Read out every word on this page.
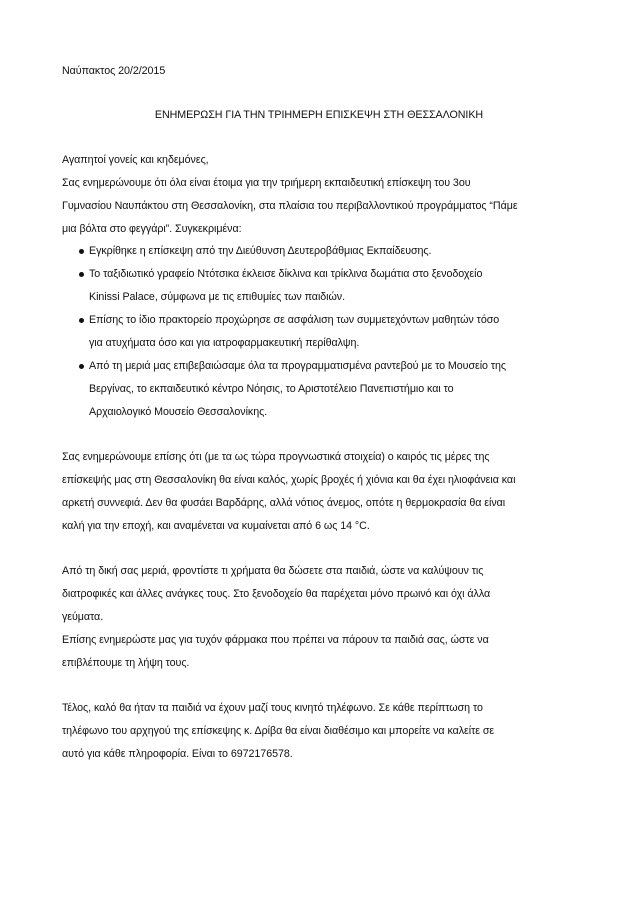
Ναύπακτος 20/2/2015
ΕΝΗΜΕΡΩΣΗ ΓΙΑ ΤΗΝ ΤΡΙΗΜΕΡΗ ΕΠΙΣΚΕΨΗ ΣΤΗ ΘΕΣΣΑΛΟΝΙΚΗ
Αγαπητοί γονείς και κηδεμόνες,
Σας ενημερώνουμε ότι όλα είναι έτοιμα για την τριήμερη εκπαιδευτική επίσκεψη του 3ου
Γυμνασίου Ναυπάκτου στη Θεσσαλονίκη, στα πλαίσια του περιβαλλοντικού προγράμματος “Πάμε
μια βόλτα στο φεγγάρι”. Συγκεκριμένα:
Εγκρίθηκε η επίσκεψη από την Διεύθυνση Δευτεροβάθμιας Εκπαίδευσης.
Το ταξιδιωτικό γραφείο Ντότσικα έκλεισε δίκλινα και τρίκλινα δωμάτια στο ξενοδοχείο
Kinissi Palace, σύμφωνα με τις επιθυμίες των παιδιών.
Επίσης το ίδιο πρακτορείο προχώρησε σε ασφάλιση των συμμετεχόντων μαθητών τόσο
για ατυχήματα όσο και για ιατροφαρμακευτική περίθαλψη.
Από τη μεριά μας επιβεβαιώσαμε όλα τα προγραμματισμένα ραντεβού με το Μουσείο της
Βεργίνας, το εκπαιδευτικό κέντρο Νόησις, το Αριστοτέλειο Πανεπιστήμιο και το
Αρχαιολογικό Μουσείο Θεσσαλονίκης.
Σας ενημερώνουμε επίσης ότι (με τα ως τώρα προγνωστικά στοιχεία) ο καιρός τις μέρες της
επίσκεψής μας στη Θεσσαλονίκη θα είναι καλός, χωρίς βροχές ή χιόνια και θα έχει ηλιοφάνεια και
αρκετή συννεφιά. Δεν θα φυσάει Βαρδάρης, αλλά νότιος άνεμος, οπότε η θερμοκρασία θα είναι
καλή για την εποχή, και αναμένεται να κυμαίνεται από 6 ως 14 °C.
Από τη δική σας μεριά, φροντίστε τι χρήματα θα δώσετε στα παιδιά, ώστε να καλύψουν τις
διατροφικές και άλλες ανάγκες τους. Στο ξενοδοχείο θα παρέχεται μόνο πρωινό και όχι άλλα
γεύματα.
Επίσης ενημερώστε μας για τυχόν φάρμακα που πρέπει να πάρουν τα παιδιά σας, ώστε να
επιβλέπουμε τη λήψη τους.
Τέλος, καλό θα ήταν τα παιδιά να έχουν μαζί τους κινητό τηλέφωνο. Σε κάθε περίπτωση το
τηλέφωνο του αρχηγού της επίσκεψης κ. Δρίβα θα είναι διαθέσιμο και μπορείτε να καλείτε σε
αυτό για κάθε πληροφορία. Είναι το 6972176578.
